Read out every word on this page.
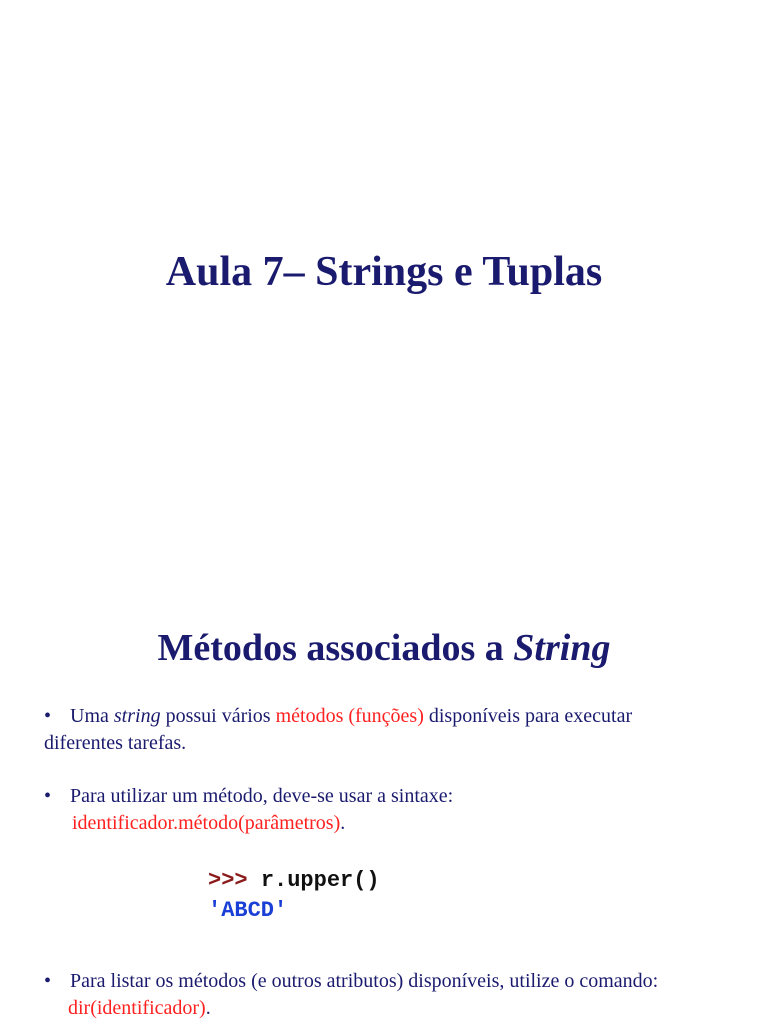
Aula 7– Strings e Tuplas
Métodos associados a String
• Uma string possui vários métodos (funções) disponíveis para executar
diferentes tarefas.
• Para utilizar um método, deve-se usar a sintaxe:
identificador.método(parâmetros).
>>> r.upper()
'ABCD'
• Para listar os métodos (e outros atributos) disponíveis, utilize o comando:
dir(identificador).
